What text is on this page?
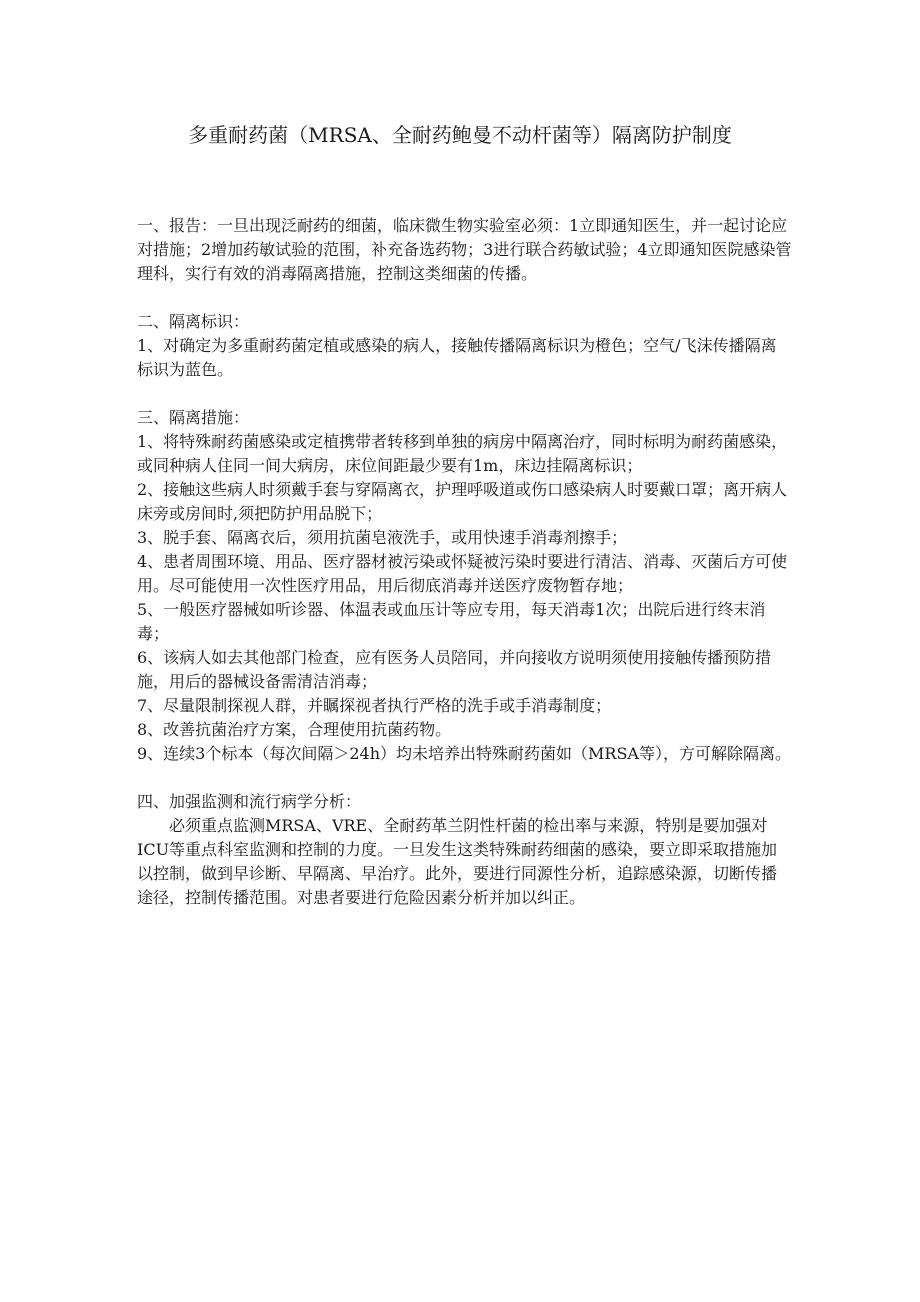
多重耐药菌（MRSA、全耐药鲍曼不动杆菌等）隔离防护制度

一、报告：一旦出现泛耐药的细菌，临床微生物实验室必须：1立即通知医生，并一起讨论应对措施；2增加药敏试验的范围，补充备选药物；3进行联合药敏试验；4立即通知医院感染管理科，实行有效的消毒隔离措施，控制这类细菌的传播。

二、隔离标识：

1、对确定为多重耐药菌定植或感染的病人，接触传播隔离标识为橙色；空气/飞沫传播隔离标识为蓝色。

三、隔离措施：

1、将特殊耐药菌感染或定植携带者转移到单独的病房中隔离治疗，同时标明为耐药菌感染，或同种病人住同一间大病房，床位间距最少要有1m，床边挂隔离标识；

2、接触这些病人时须戴手套与穿隔离衣，护理呼吸道或伤口感染病人时要戴口罩；离开病人床旁或房间时,须把防护用品脱下；

3、脱手套、隔离衣后，须用抗菌皂液洗手，或用快速手消毒剂擦手；

4、患者周围环境、用品、医疗器材被污染或怀疑被污染时要进行清洁、消毒、灭菌后方可使用。尽可能使用一次性医疗用品，用后彻底消毒并送医疗废物暂存地；

5、一般医疗器械如听诊器、体温表或血压计等应专用，每天消毒1次；出院后进行终末消毒；

6、该病人如去其他部门检查，应有医务人员陪同，并向接收方说明须使用接触传播预防措施，用后的器械设备需清洁消毒；

7、尽量限制探视人群，并瞩探视者执行严格的洗手或手消毒制度；

8、改善抗菌治疗方案，合理使用抗菌药物。

9、连续3个标本（每次间隔＞24h）均未培养出特殊耐药菌如（MRSA等），方可解除隔离。

四、加强监测和流行病学分析：

必须重点监测MRSA、VRE、全耐药革兰阴性杆菌的检出率与来源，特别是要加强对ICU等重点科室监测和控制的力度。一旦发生这类特殊耐药细菌的感染，要立即采取措施加以控制，做到早诊断、早隔离、早治疗。此外，要进行同源性分析，追踪感染源，切断传播途径，控制传播范围。对患者要进行危险因素分析并加以纠正。
